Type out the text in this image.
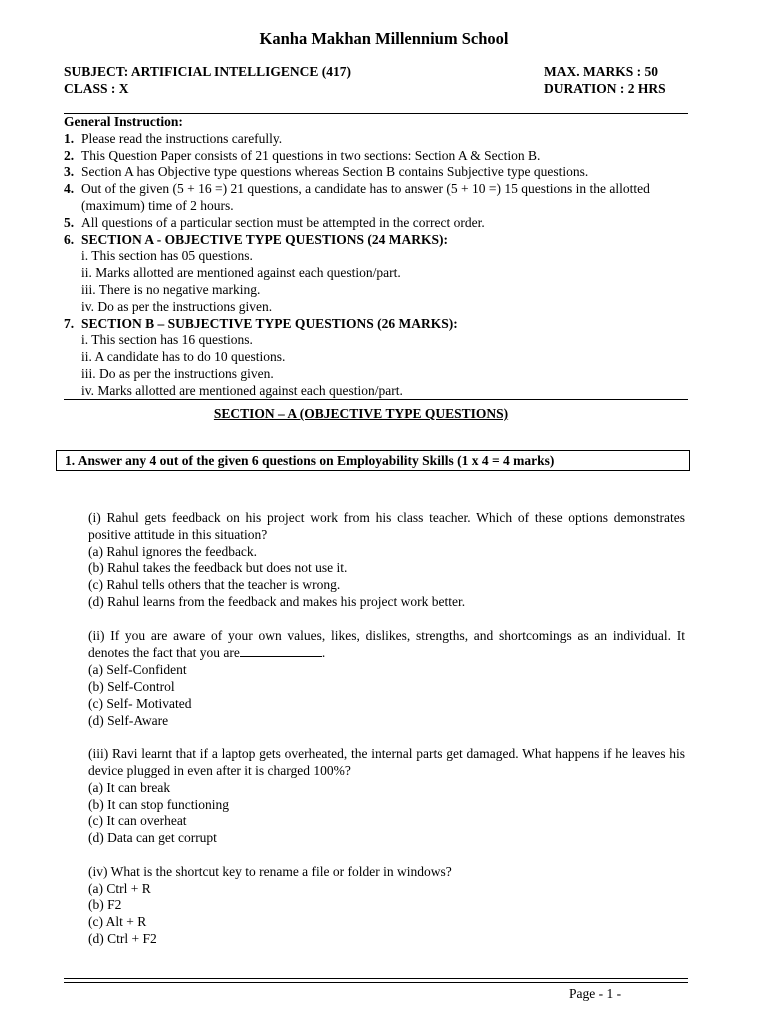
Kanha Makhan Millennium School
SUBJECT: ARTIFICIAL INTELLIGENCE (417)	MAX. MARKS : 50
CLASS : X	DURATION : 2 HRS
General Instruction:
1. Please read the instructions carefully.
2. This Question Paper consists of 21 questions in two sections: Section A & Section B.
3. Section A has Objective type questions whereas Section B contains Subjective type questions.
4. Out of the given (5 + 16 =) 21 questions, a candidate has to answer (5 + 10 =) 15 questions in the allotted (maximum) time of 2 hours.
5. All questions of a particular section must be attempted in the correct order.
6. SECTION A - OBJECTIVE TYPE QUESTIONS (24 MARKS):
i. This section has 05 questions.
ii. Marks allotted are mentioned against each question/part.
iii. There is no negative marking.
iv. Do as per the instructions given.
7. SECTION B – SUBJECTIVE TYPE QUESTIONS (26 MARKS):
i. This section has 16 questions.
ii. A candidate has to do 10 questions.
iii. Do as per the instructions given.
iv. Marks allotted are mentioned against each question/part.
SECTION – A (OBJECTIVE TYPE QUESTIONS)
1. Answer any 4 out of the given 6 questions on Employability Skills (1 x 4 = 4 marks)
(i) Rahul gets feedback on his project work from his class teacher. Which of these options demonstrates positive attitude in this situation?
(a) Rahul ignores the feedback.
(b) Rahul takes the feedback but does not use it.
(c) Rahul tells others that the teacher is wrong.
(d) Rahul learns from the feedback and makes his project work better.
(ii) If you are aware of your own values, likes, dislikes, strengths, and shortcomings as an individual. It denotes the fact that you are	.
(a) Self-Confident
(b) Self-Control
(c) Self- Motivated
(d) Self-Aware
(iii) Ravi learnt that if a laptop gets overheated, the internal parts get damaged. What happens if he leaves his device plugged in even after it is charged 100%?
(a) It can break
(b) It can stop functioning
(c) It can overheat
(d) Data can get corrupt
(iv) What is the shortcut key to rename a file or folder in windows?
(a) Ctrl + R
(b) F2
(c) Alt + R
(d) Ctrl + F2
Page - 1 -
